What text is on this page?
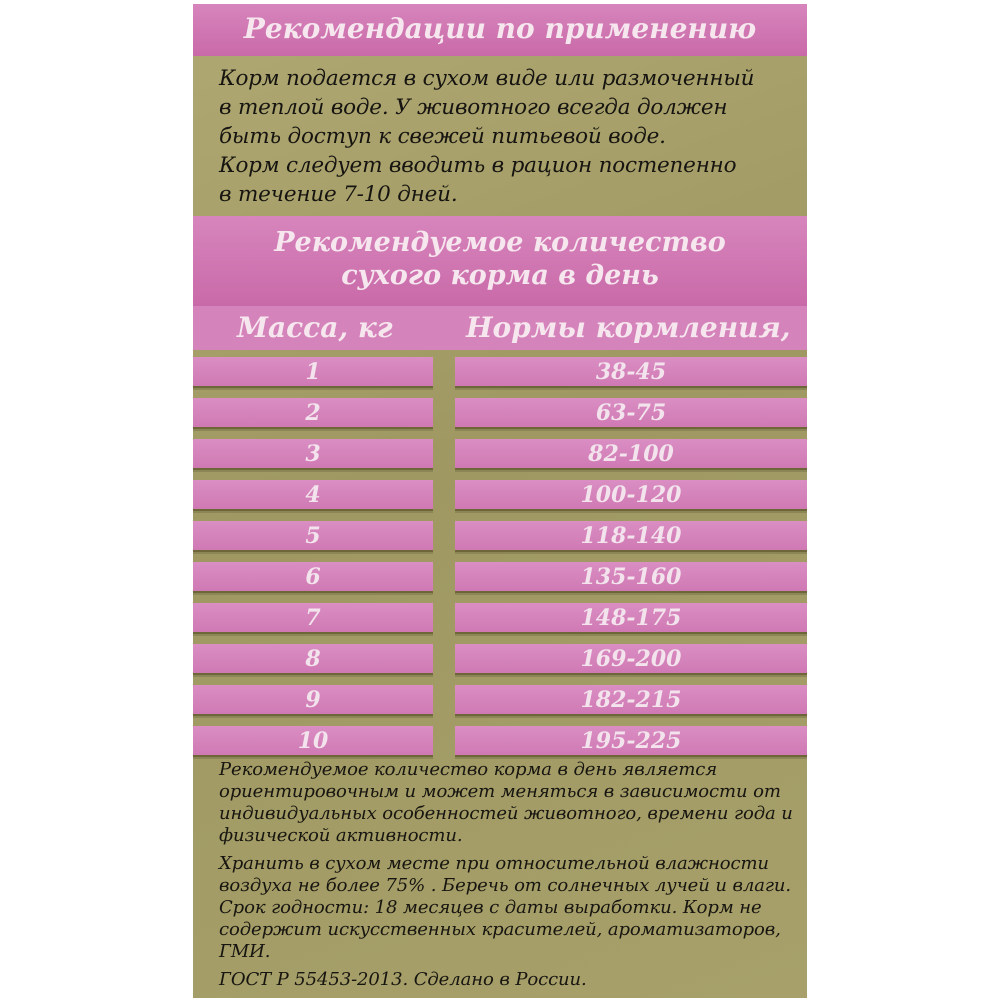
Рекомендации по применению
Корм подается в сухом виде или размоченный
в теплой воде. У животного всегда должен
быть доступ к свежей питьевой воде.
Корм следует вводить в рацион постепенно
в течение 7-10 дней.
Рекомендуемое количество
сухого корма в день
Масса, кг	Нормы кормления,
1	38-45
2	63-75
3	82-100
4	100-120
5	118-140
6	135-160
7	148-175
8	169-200
9	182-215
10	195-225

Рекомендуемое количество корма в день является ориентировочным и может меняться в зависимости от индивидуальных особенностей животного, времени года и физической активности.

Хранить в сухом месте при относительной влажности воздуха не более 75% . Беречь от солнечных лучей и влаги. Срок годности: 18 месяцев с даты выработки. Корм не содержит искусственных красителей, ароматизаторов, ГМИ.

ГОСТ Р 55453-2013. Сделано в России.
